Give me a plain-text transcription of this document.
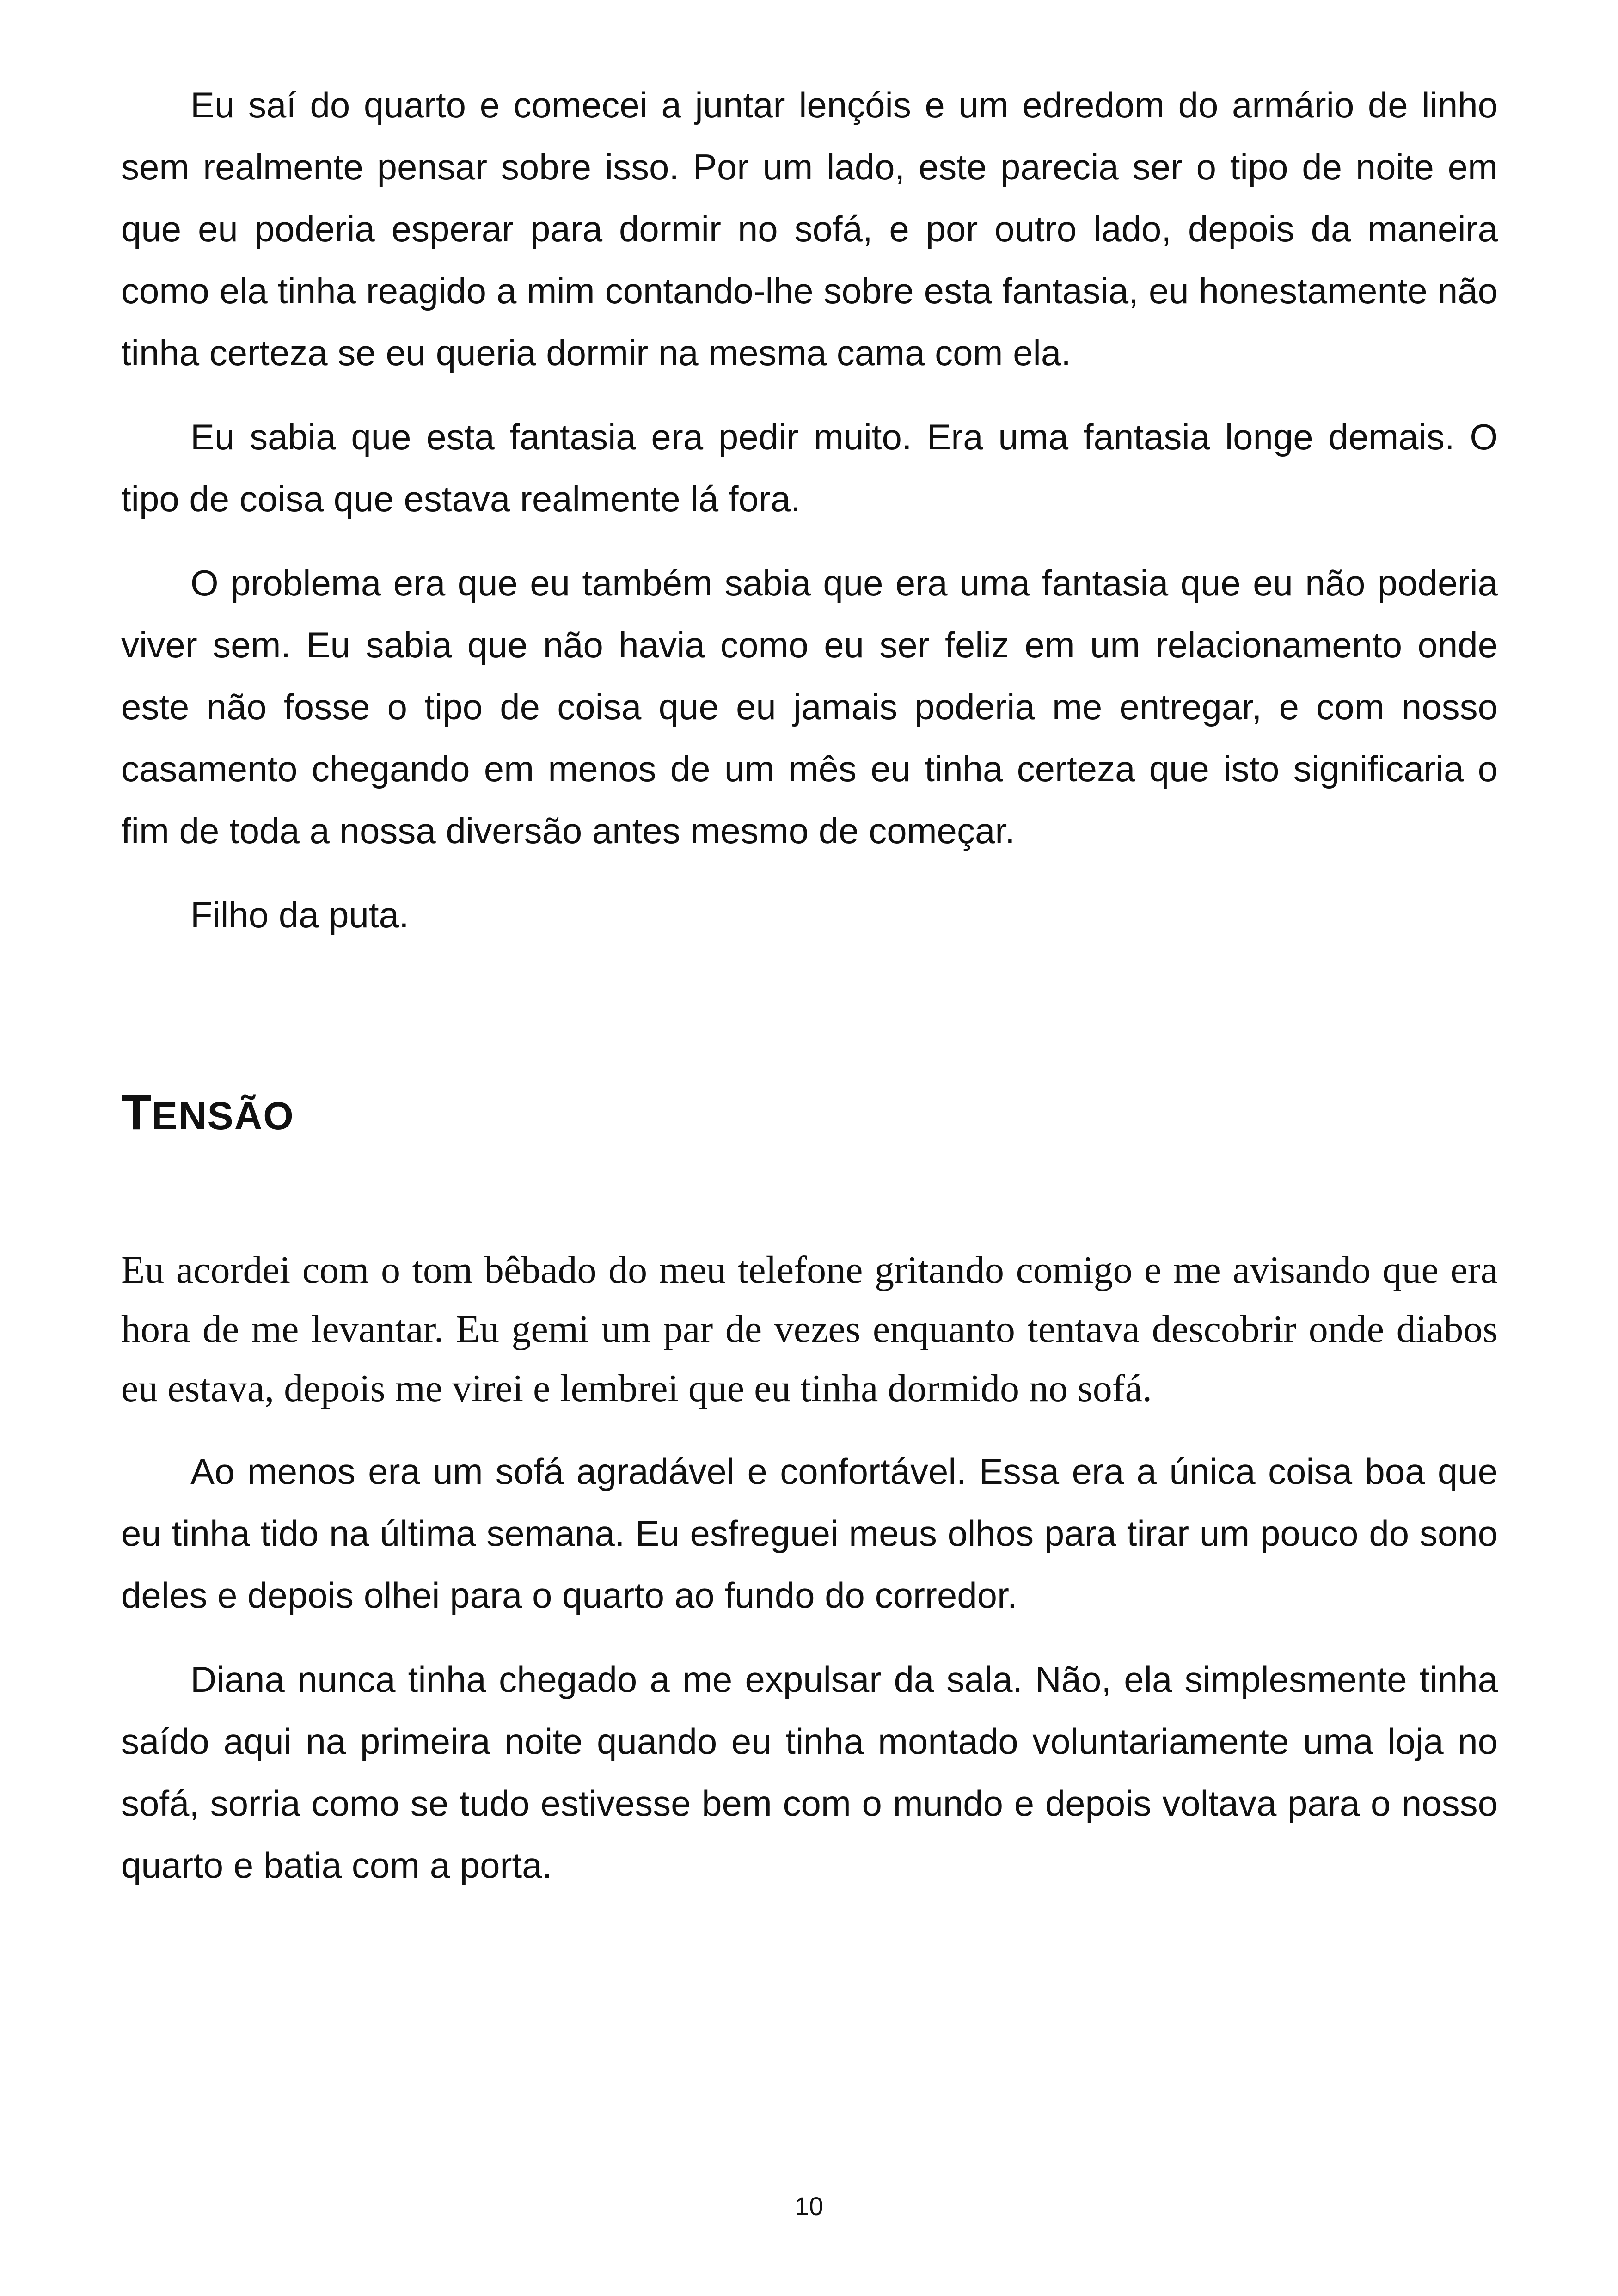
Eu saí do quarto e comecei a juntar lençóis e um edredom do armário de linho sem realmente pensar sobre isso. Por um lado, este parecia ser o tipo de noite em que eu poderia esperar para dormir no sofá, e por outro lado, depois da maneira como ela tinha reagido a mim contando-lhe sobre esta fantasia, eu honestamente não tinha certeza se eu queria dormir na mesma cama com ela.

Eu sabia que esta fantasia era pedir muito. Era uma fantasia longe demais. O tipo de coisa que estava realmente lá fora.

O problema era que eu também sabia que era uma fantasia que eu não poderia viver sem. Eu sabia que não havia como eu ser feliz em um relacionamento onde este não fosse o tipo de coisa que eu jamais poderia me entregar, e com nosso casamento chegando em menos de um mês eu tinha certeza que isto significaria o fim de toda a nossa diversão antes mesmo de começar.

Filho da puta.

TENSÃO

Eu acordei com o tom bêbado do meu telefone gritando comigo e me avisando que era hora de me levantar. Eu gemi um par de vezes enquanto tentava descobrir onde diabos eu estava, depois me virei e lembrei que eu tinha dormido no sofá.

Ao menos era um sofá agradável e confortável. Essa era a única coisa boa que eu tinha tido na última semana. Eu esfreguei meus olhos para tirar um pouco do sono deles e depois olhei para o quarto ao fundo do corredor.

Diana nunca tinha chegado a me expulsar da sala. Não, ela simplesmente tinha saído aqui na primeira noite quando eu tinha montado voluntariamente uma loja no sofá, sorria como se tudo estivesse bem com o mundo e depois voltava para o nosso quarto e batia com a porta.

10
